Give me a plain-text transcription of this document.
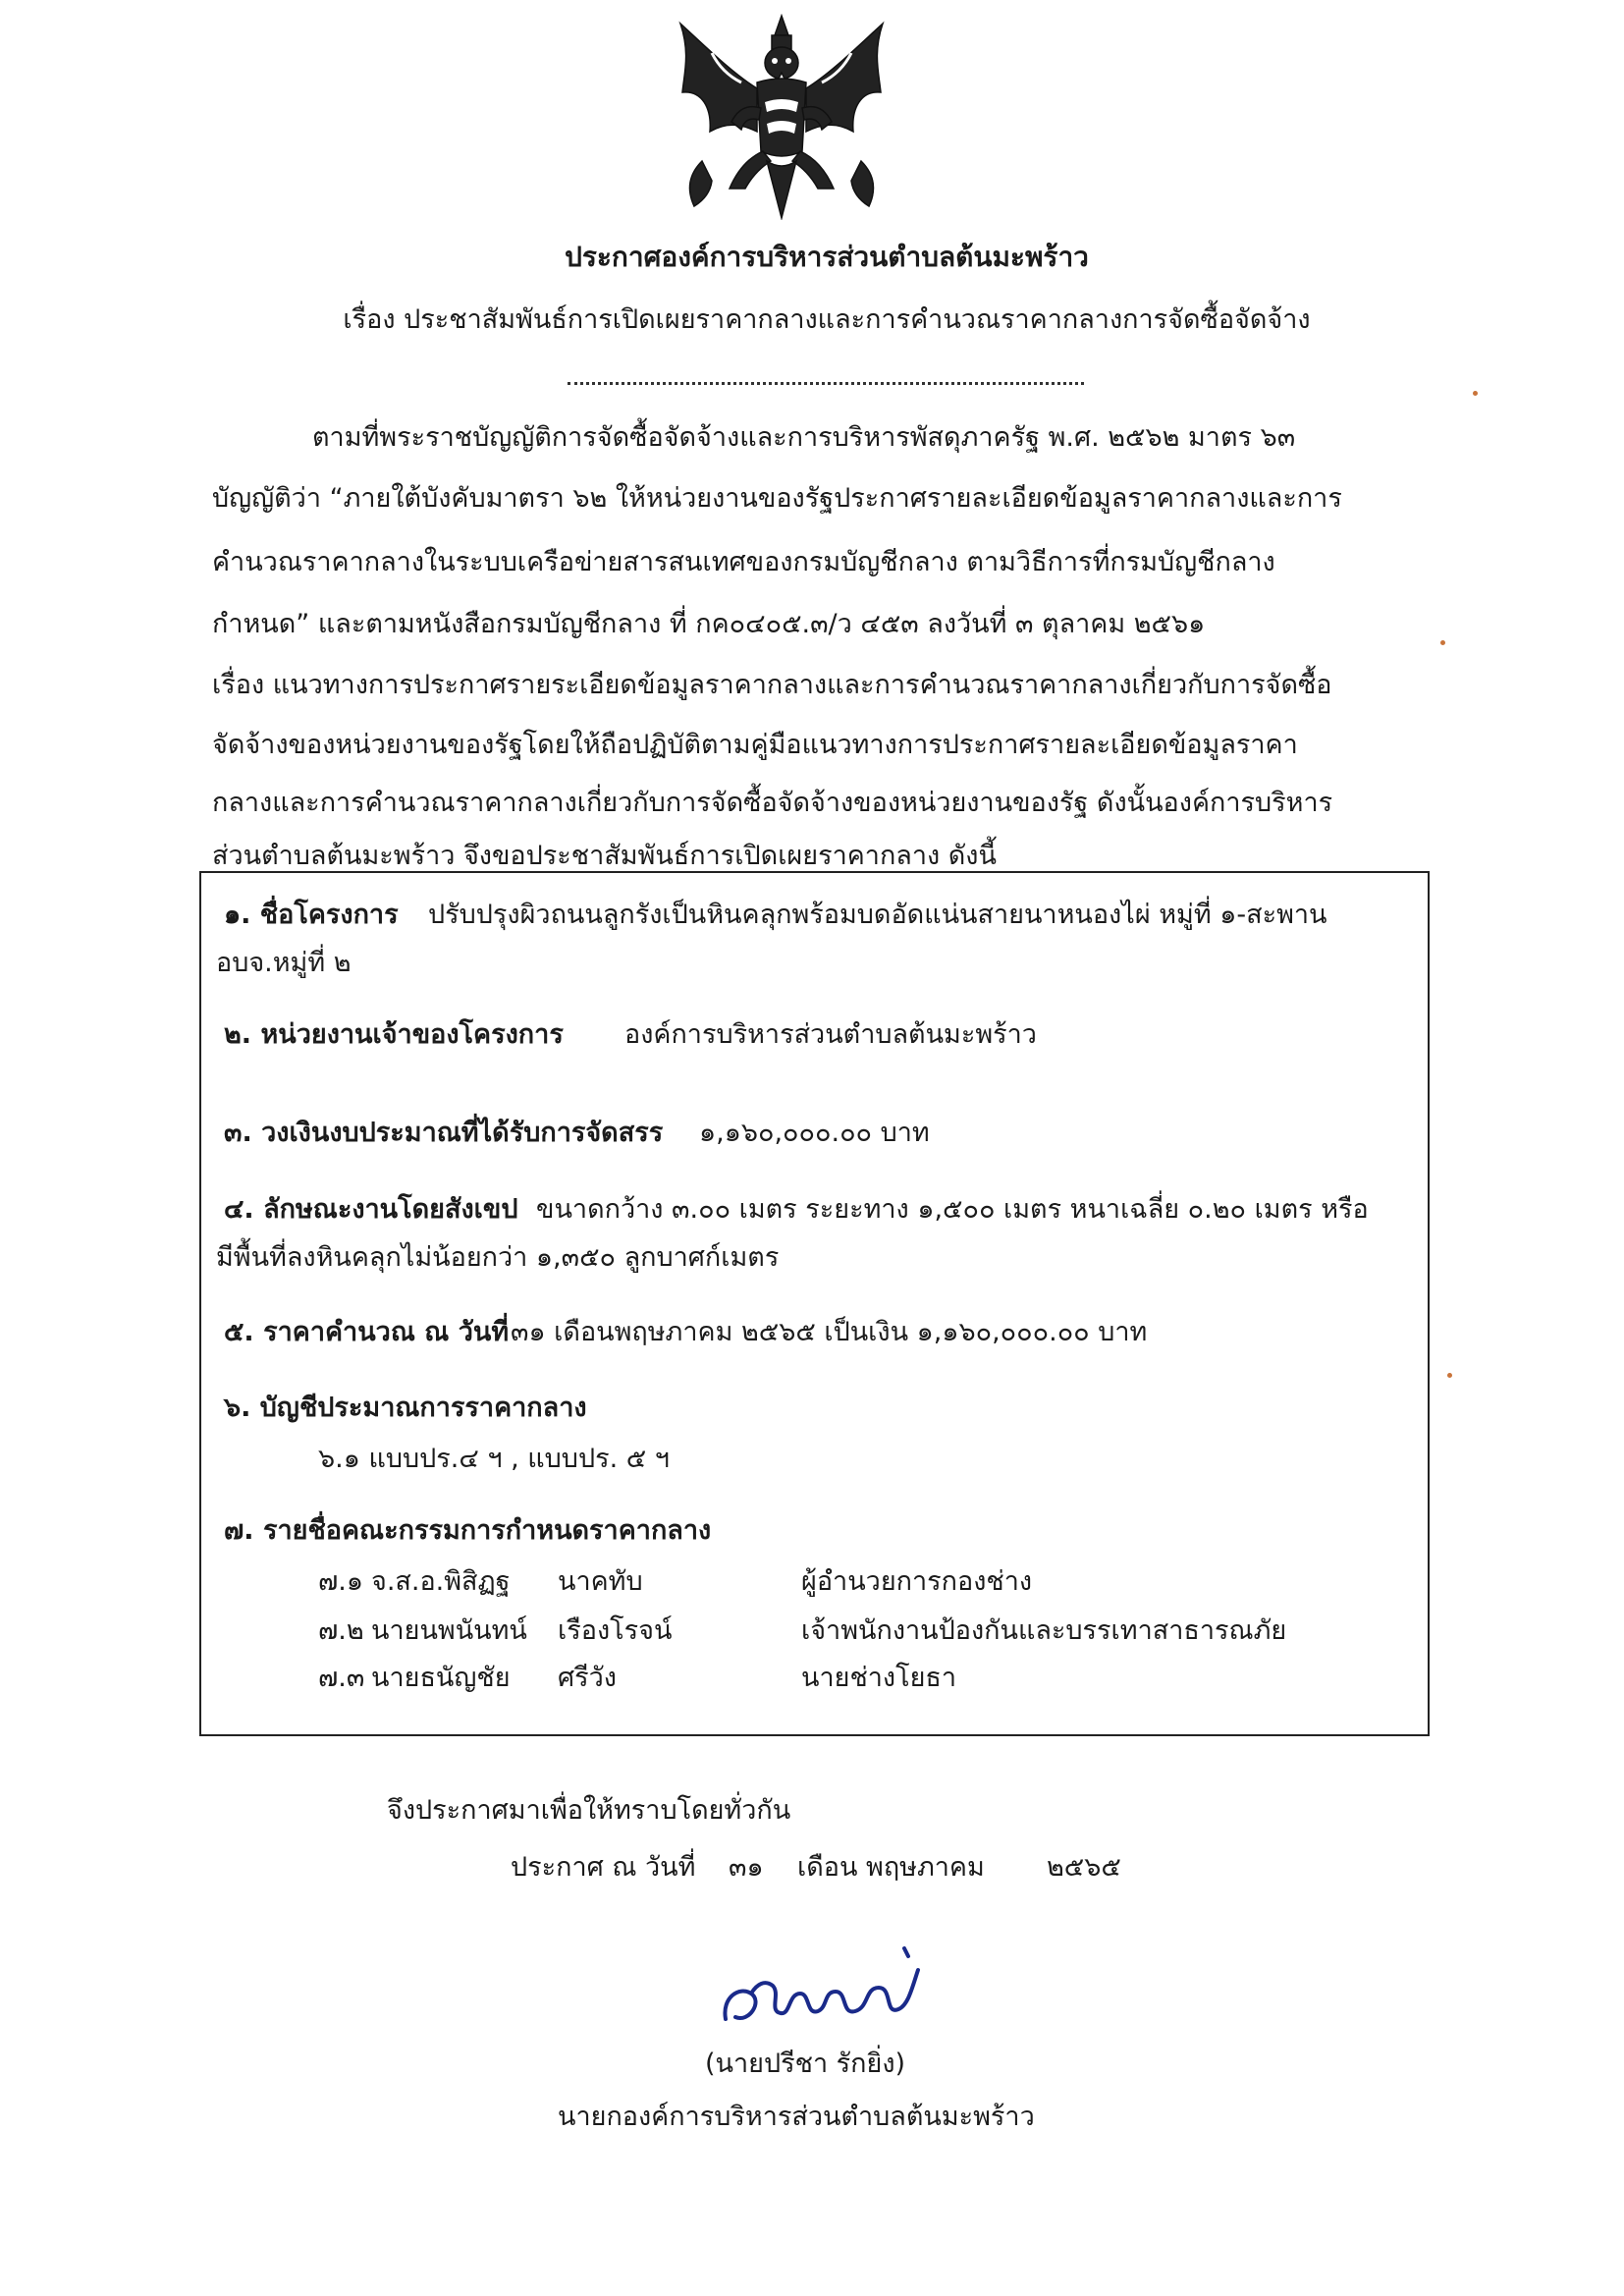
ประกาศองค์การบริหารส่วนตำบลต้นมะพร้าว
เรื่อง ประชาสัมพันธ์การเปิดเผยราคากลางและการคำนวณราคากลางการจัดซื้อจัดจ้าง
ตามที่พระราชบัญญัติการจัดซื้อจัดจ้างและการบริหารพัสดุภาครัฐ พ.ศ. ๒๕๖๒ มาตร ๖๓
บัญญัติว่า “ภายใต้บังคับมาตรา ๖๒ ให้หน่วยงานของรัฐประกาศรายละเอียดข้อมูลราคากลางและการ
คำนวณราคากลางในระบบเครือข่ายสารสนเทศของกรมบัญชีกลาง ตามวิธีการที่กรมบัญชีกลาง
กำหนด” และตามหนังสือกรมบัญชีกลาง ที่ กค๐๔๐๕.๓/ว ๔๕๓ ลงวันที่ ๓ ตุลาคม ๒๕๖๑
เรื่อง แนวทางการประกาศรายระเอียดข้อมูลราคากลางและการคำนวณราคากลางเกี่ยวกับการจัดซื้อ
จัดจ้างของหน่วยงานของรัฐโดยให้ถือปฏิบัติตามคู่มือแนวทางการประกาศรายละเอียดข้อมูลราคา
กลางและการคำนวณราคากลางเกี่ยวกับการจัดซื้อจัดจ้างของหน่วยงานของรัฐ ดังนั้นองค์การบริหาร
ส่วนตำบลต้นมะพร้าว จึงขอประชาสัมพันธ์การเปิดเผยราคากลาง ดังนี้
๑. ชื่อโครงการ ปรับปรุงผิวถนนลูกรังเป็นหินคลุกพร้อมบดอัดแน่นสายนาหนองไผ่ หมู่ที่ ๑-สะพาน
อบจ.หมู่ที่ ๒
๒. หน่วยงานเจ้าของโครงการ องค์การบริหารส่วนตำบลต้นมะพร้าว
๓. วงเงินงบประมาณที่ได้รับการจัดสรร ๑,๑๖๐,๐๐๐.๐๐ บาท
๔. ลักษณะงานโดยสังเขป ขนาดกว้าง ๓.๐๐ เมตร ระยะทาง ๑,๕๐๐ เมตร หนาเฉลี่ย ๐.๒๐ เมตร หรือ
มีพื้นที่ลงหินคลุกไม่น้อยกว่า ๑,๓๕๐ ลูกบาศก์เมตร
๕. ราคาคำนวณ ณ วันที่ ๓๑ เดือนพฤษภาคม ๒๕๖๕ เป็นเงิน ๑,๑๖๐,๐๐๐.๐๐ บาท
๖. บัญชีประมาณการราคากลาง
๖.๑ แบบปร.๔ ฯ , แบบปร. ๕ ฯ
๗. รายชื่อคณะกรรมการกำหนดราคากลาง
๗.๑ จ.ส.อ.พิสิฏฐ นาคทับ	ผู้อำนวยการกองช่าง
๗.๒ นายนพนันทน์ เรืองโรจน์	เจ้าพนักงานป้องกันและบรรเทาสาธารณภัย
๗.๓ นายธนัญชัย ศรีวัง	นายช่างโยธา
จึงประกาศมาเพื่อให้ทราบโดยทั่วกัน
ประกาศ ณ วันที่ ๓๑ เดือน พฤษภาคม ๒๕๖๕
(นายปรีชา รักยิ่ง)
นายกองค์การบริหารส่วนตำบลต้นมะพร้าว
